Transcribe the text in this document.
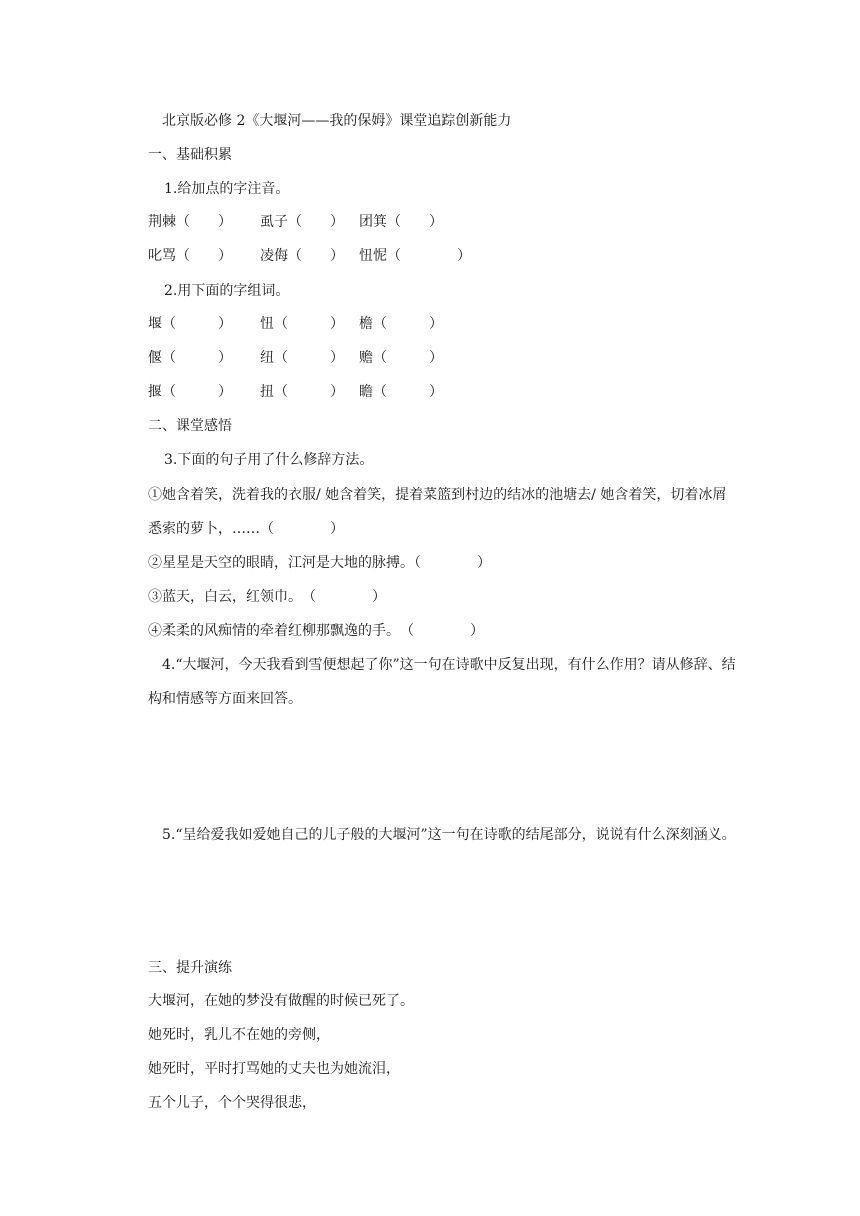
北京版必修 2《大堰河——我的保姆》课堂追踪创新能力
一、基础积累
1.给加点的字注音。
荆棘（　　）	虱子（　　）	团箕（　　）
叱骂（　　）	凌侮（　　）	忸怩（　　　　）
2.用下面的字组词。
堰（　　　）	忸（　　　）	檐（　　　）
偃（　　　）	纽（　　　）	赡（　　　）
揠（　　　）	扭（　　　）	瞻（　　　）
二、课堂感悟
3.下面的句子用了什么修辞方法。
①她含着笑，洗着我的衣服/ 她含着笑，提着菜篮到村边的结冰的池塘去/ 她含着笑，切着冰屑悉索的萝卜，……（　　　　）
②星星是天空的眼睛，江河是大地的脉搏。（　　　　）
③蓝天，白云，红领巾。　（　　　　）
④柔柔的风痴情的牵着红柳那飘逸的手。　（　　　　）
4.“大堰河，今天我看到雪便想起了你”这一句在诗歌中反复出现，有什么作用？请从修辞、结构和情感等方面来回答。
5.“呈给爱我如爱她自己的儿子般的大堰河”这一句在诗歌的结尾部分，说说有什么深刻涵义。
三、提升演练
大堰河，在她的梦没有做醒的时候已死了。
她死时，乳儿不在她的旁侧，
她死时，平时打骂她的丈夫也为她流泪，
五个儿子，个个哭得很悲，
